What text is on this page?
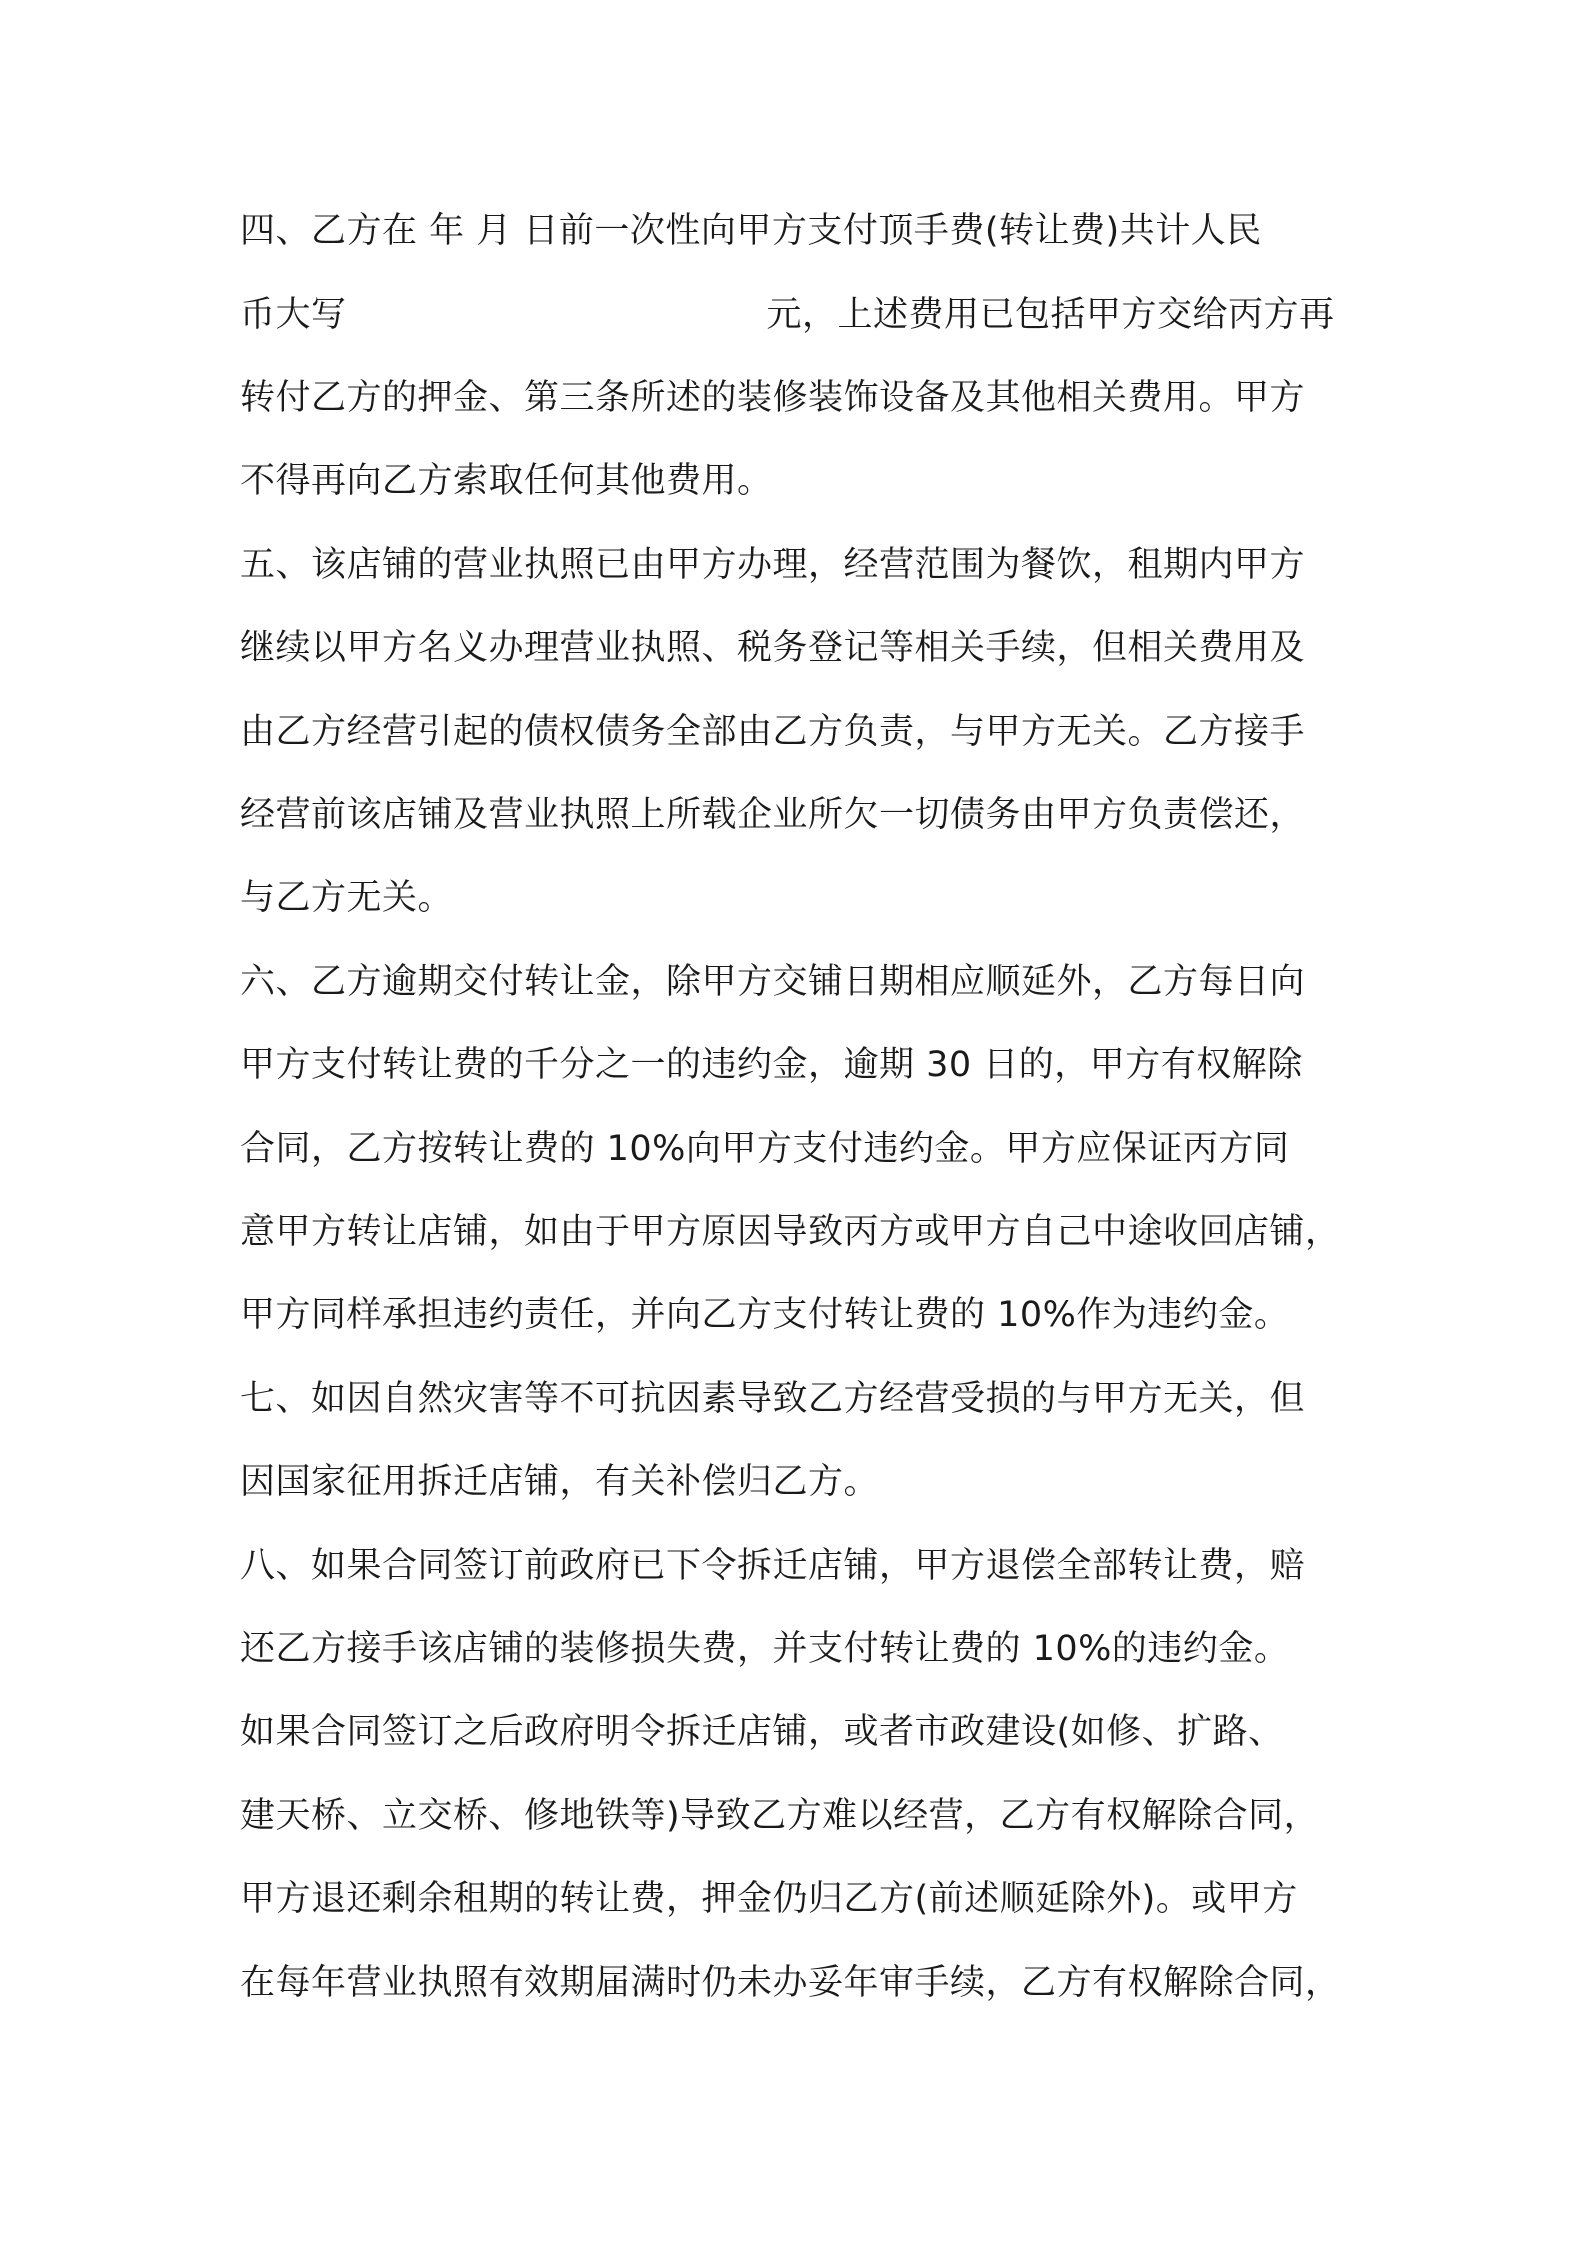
四、乙方在 年 月 日前一次性向甲方支付顶手费(转让费)共计人民
币大写	元，上述费用已包括甲方交给丙方再
转付乙方的押金、第三条所述的装修装饰设备及其他相关费用。甲方
不得再向乙方索取任何其他费用。
五、该店铺的营业执照已由甲方办理，经营范围为餐饮，租期内甲方
继续以甲方名义办理营业执照、税务登记等相关手续，但相关费用及
由乙方经营引起的债权债务全部由乙方负责，与甲方无关。乙方接手
经营前该店铺及营业执照上所载企业所欠一切债务由甲方负责偿还，
与乙方无关。
六、乙方逾期交付转让金，除甲方交铺日期相应顺延外，乙方每日向
甲方支付转让费的千分之一的违约金，逾期 30 日的，甲方有权解除
合同，乙方按转让费的 10%向甲方支付违约金。甲方应保证丙方同
意甲方转让店铺，如由于甲方原因导致丙方或甲方自己中途收回店铺，
甲方同样承担违约责任，并向乙方支付转让费的 10%作为违约金。
七、如因自然灾害等不可抗因素导致乙方经营受损的与甲方无关，但
因国家征用拆迁店铺，有关补偿归乙方。
八、如果合同签订前政府已下令拆迁店铺，甲方退偿全部转让费，赔
还乙方接手该店铺的装修损失费，并支付转让费的 10%的违约金。
如果合同签订之后政府明令拆迁店铺，或者市政建设(如修、扩路、
建天桥、立交桥、修地铁等)导致乙方难以经营，乙方有权解除合同，
甲方退还剩余租期的转让费，押金仍归乙方(前述顺延除外)。或甲方
在每年营业执照有效期届满时仍未办妥年审手续，乙方有权解除合同，
